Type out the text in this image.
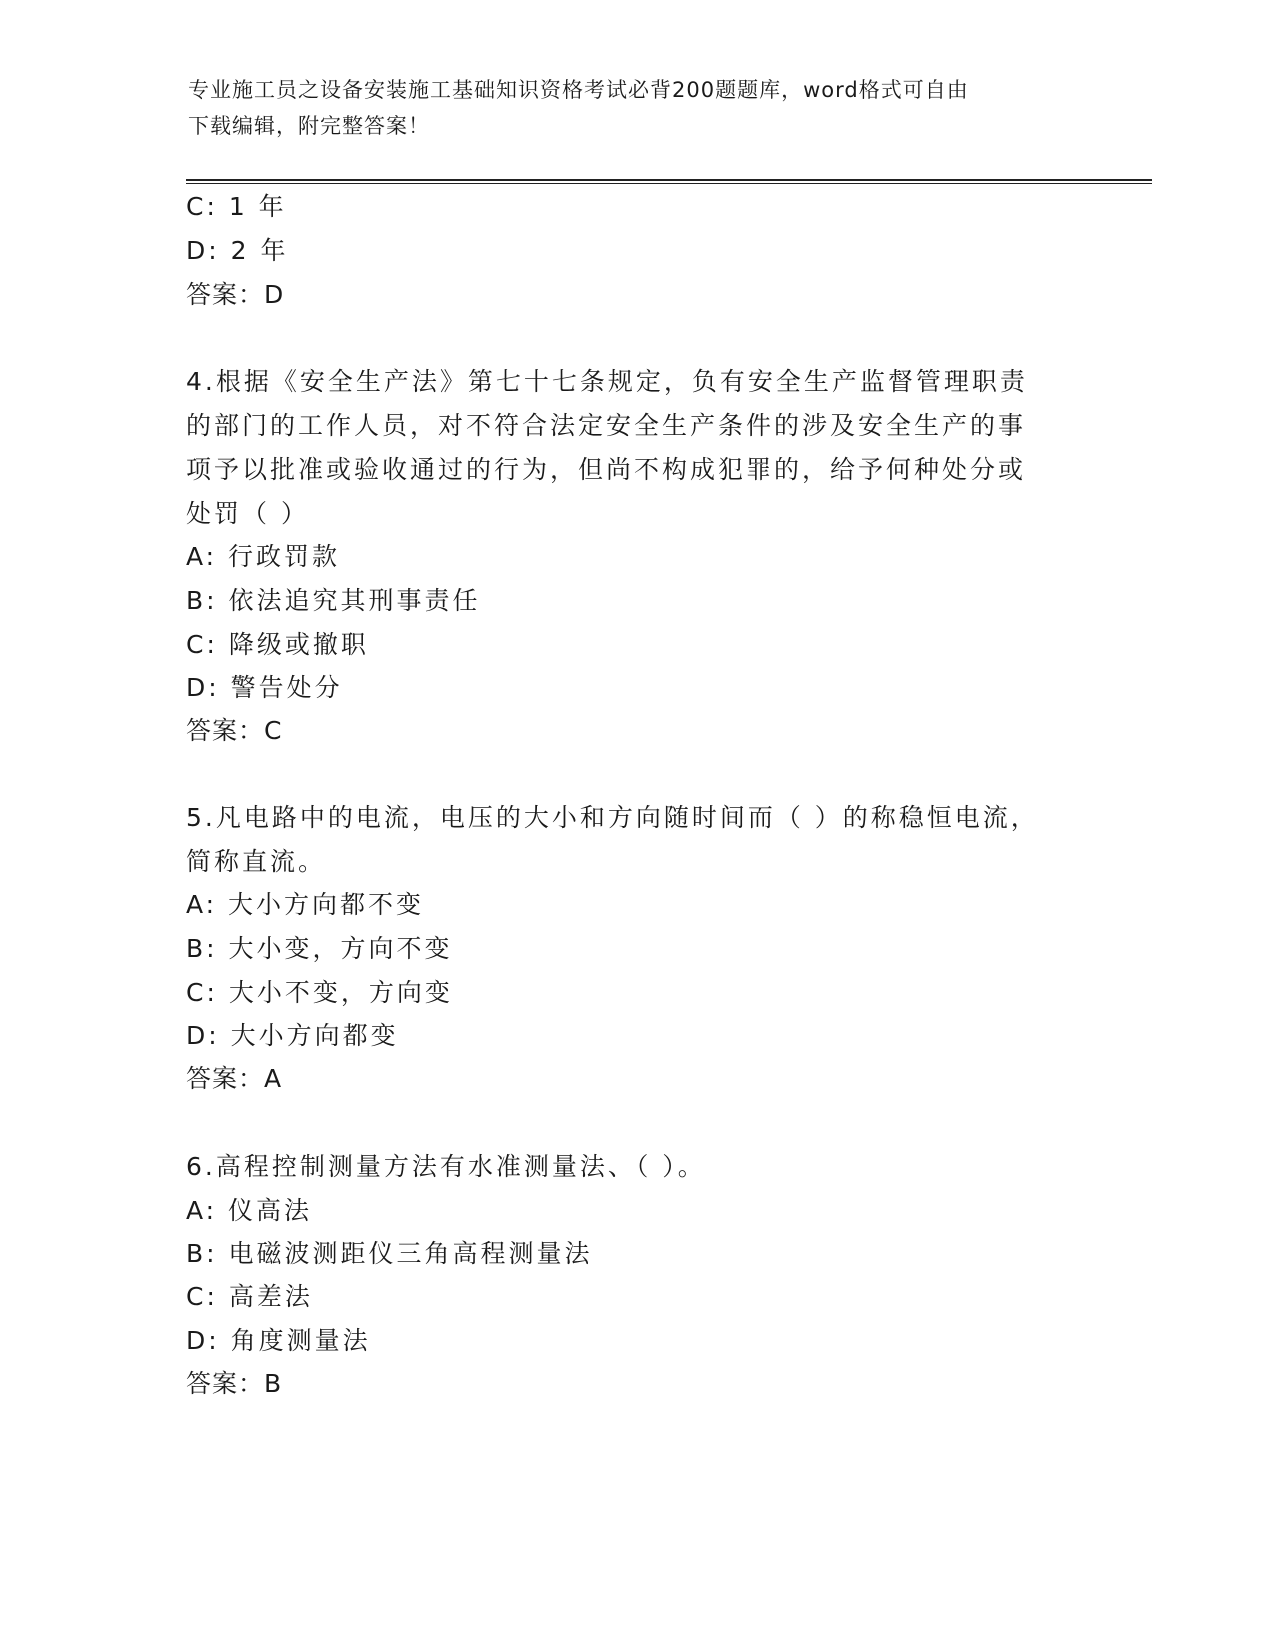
专业施工员之设备安装施工基础知识资格考试必背200题题库，word格式可自由
下载编辑，附完整答案！
C: 1 年
D: 2 年
答案：D
4.根据《安全生产法》第七十七条规定，负有安全生产监督管理职责
的部门的工作人员，对不符合法定安全生产条件的涉及安全生产的事
项予以批准或验收通过的行为，但尚不构成犯罪的，给予何种处分或
处罚（ ）
A: 行政罚款
B: 依法追究其刑事责任
C: 降级或撤职
D: 警告处分
答案：C
5.凡电路中的电流，电压的大小和方向随时间而（ ）的称稳恒电流，
简称直流。
A: 大小方向都不变
B: 大小变，方向不变
C: 大小不变，方向变
D: 大小方向都变
答案：A
6.高程控制测量方法有水准测量法、（ ）。
A: 仪高法
B: 电磁波测距仪三角高程测量法
C: 高差法
D: 角度测量法
答案：B
